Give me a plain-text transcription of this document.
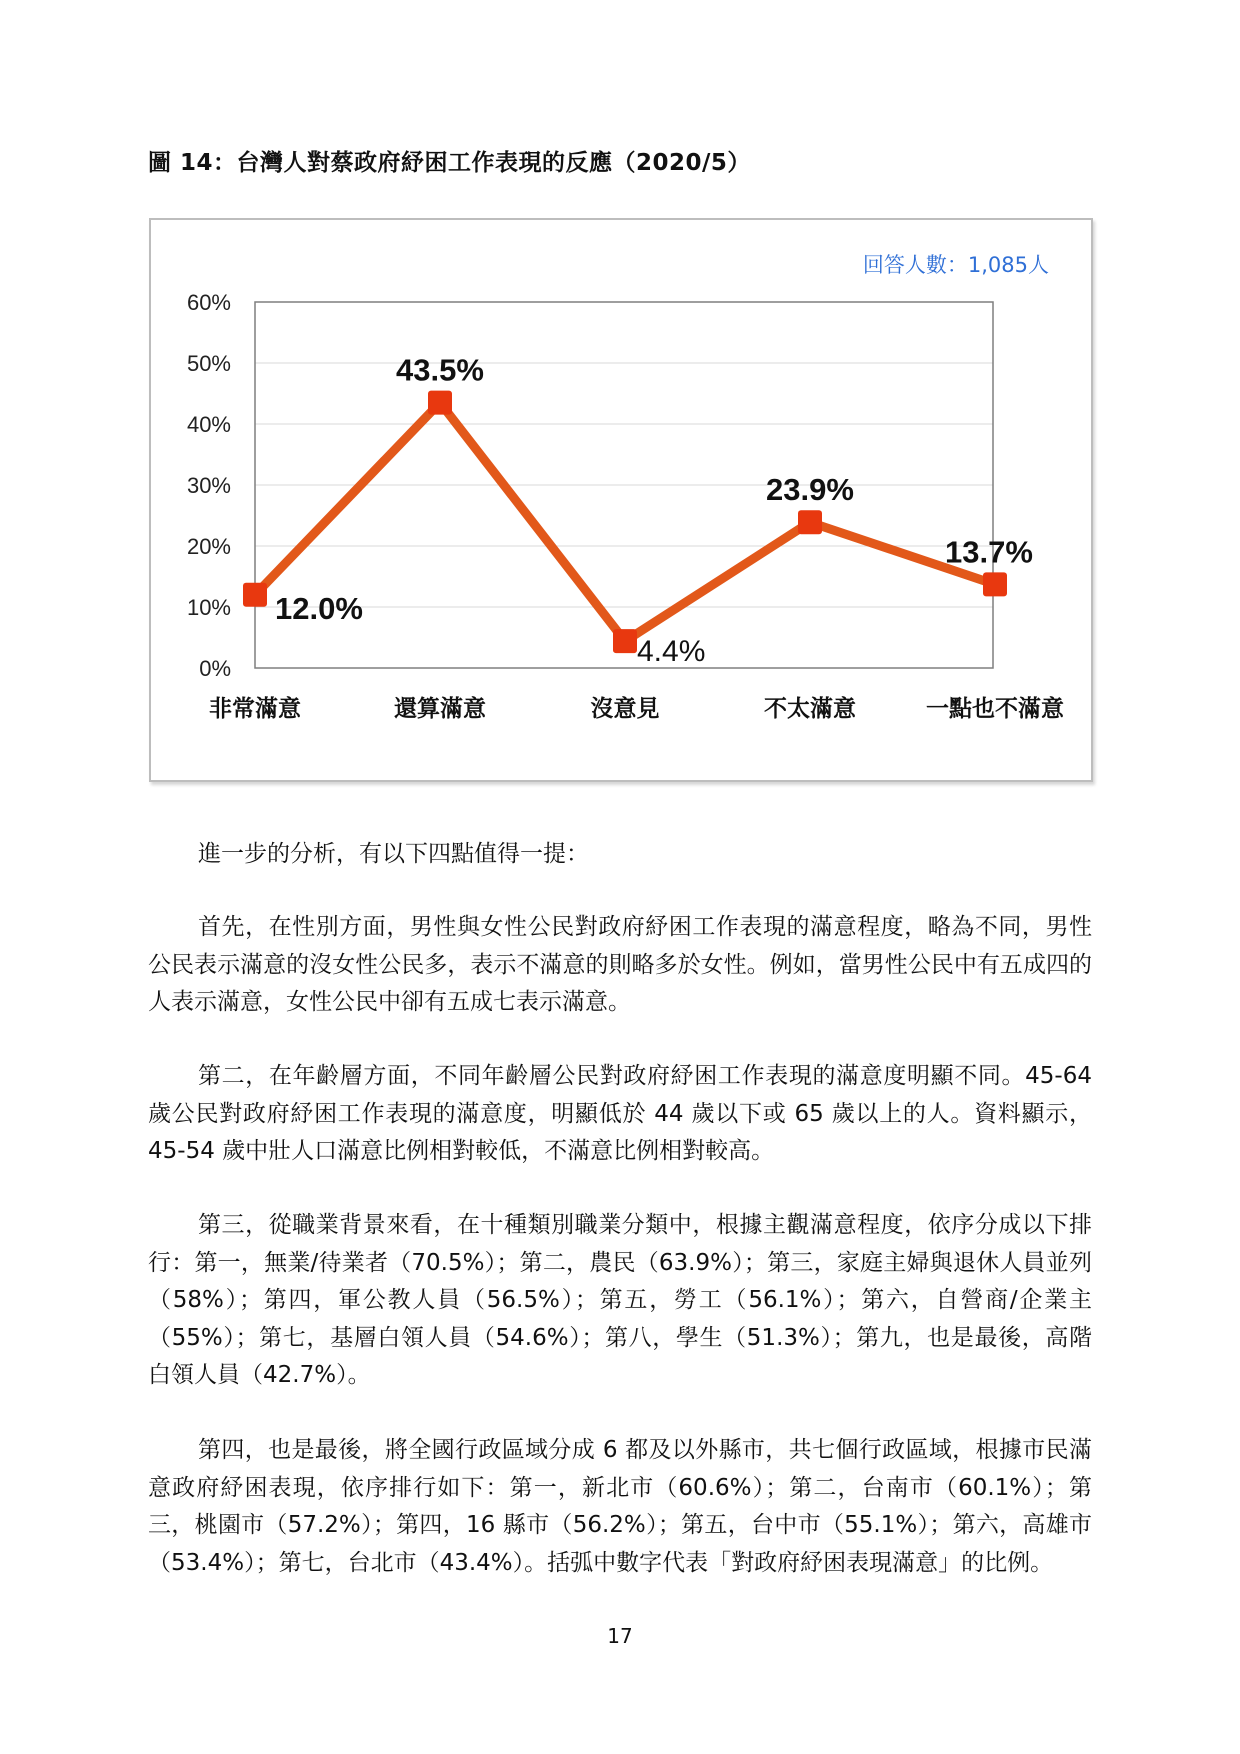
圖 14：台灣人對蔡政府紓困工作表現的反應（2020/5）
0%
10%
20%
30%
40%
50%
60%
12.0%
43.5%
4.4%
23.9%
13.7%
非常滿意	還算滿意	沒意見	不太滿意	一點也不滿意
回答人數：1,085人

進一步的分析，有以下四點值得一提：

首先，在性別方面，男性與女性公民對政府紓困工作表現的滿意程度，略為不同，男性公民表示滿意的沒女性公民多，表示不滿意的則略多於女性。例如，當男性公民中有五成四的人表示滿意，女性公民中卻有五成七表示滿意。

第二，在年齡層方面，不同年齡層公民對政府紓困工作表現的滿意度明顯不同。45-64 歲公民對政府紓困工作表現的滿意度，明顯低於 44 歲以下或 65 歲以上的人。資料顯示，45-54 歲中壯人口滿意比例相對較低，不滿意比例相對較高。

第三，從職業背景來看，在十種類別職業分類中，根據主觀滿意程度，依序分成以下排行：第一，無業/待業者（70.5%）；第二，農民（63.9%）；第三，家庭主婦與退休人員並列（58%）；第四，軍公教人員（56.5%）；第五，勞工（56.1%）；第六，自營商/企業主（55%）；第七，基層白領人員（54.6%）；第八，學生（51.3%）；第九，也是最後，高階白領人員（42.7%）。

第四，也是最後，將全國行政區域分成 6 都及以外縣市，共七個行政區域，根據市民滿意政府紓困表現，依序排行如下：第一，新北市（60.6%）；第二，台南市（60.1%）；第三，桃園市（57.2%）；第四，16 縣市（56.2%）；第五，台中市（55.1%）；第六，高雄市（53.4%）；第七，台北市（43.4%）。括弧中數字代表「對政府紓困表現滿意」的比例。

17
